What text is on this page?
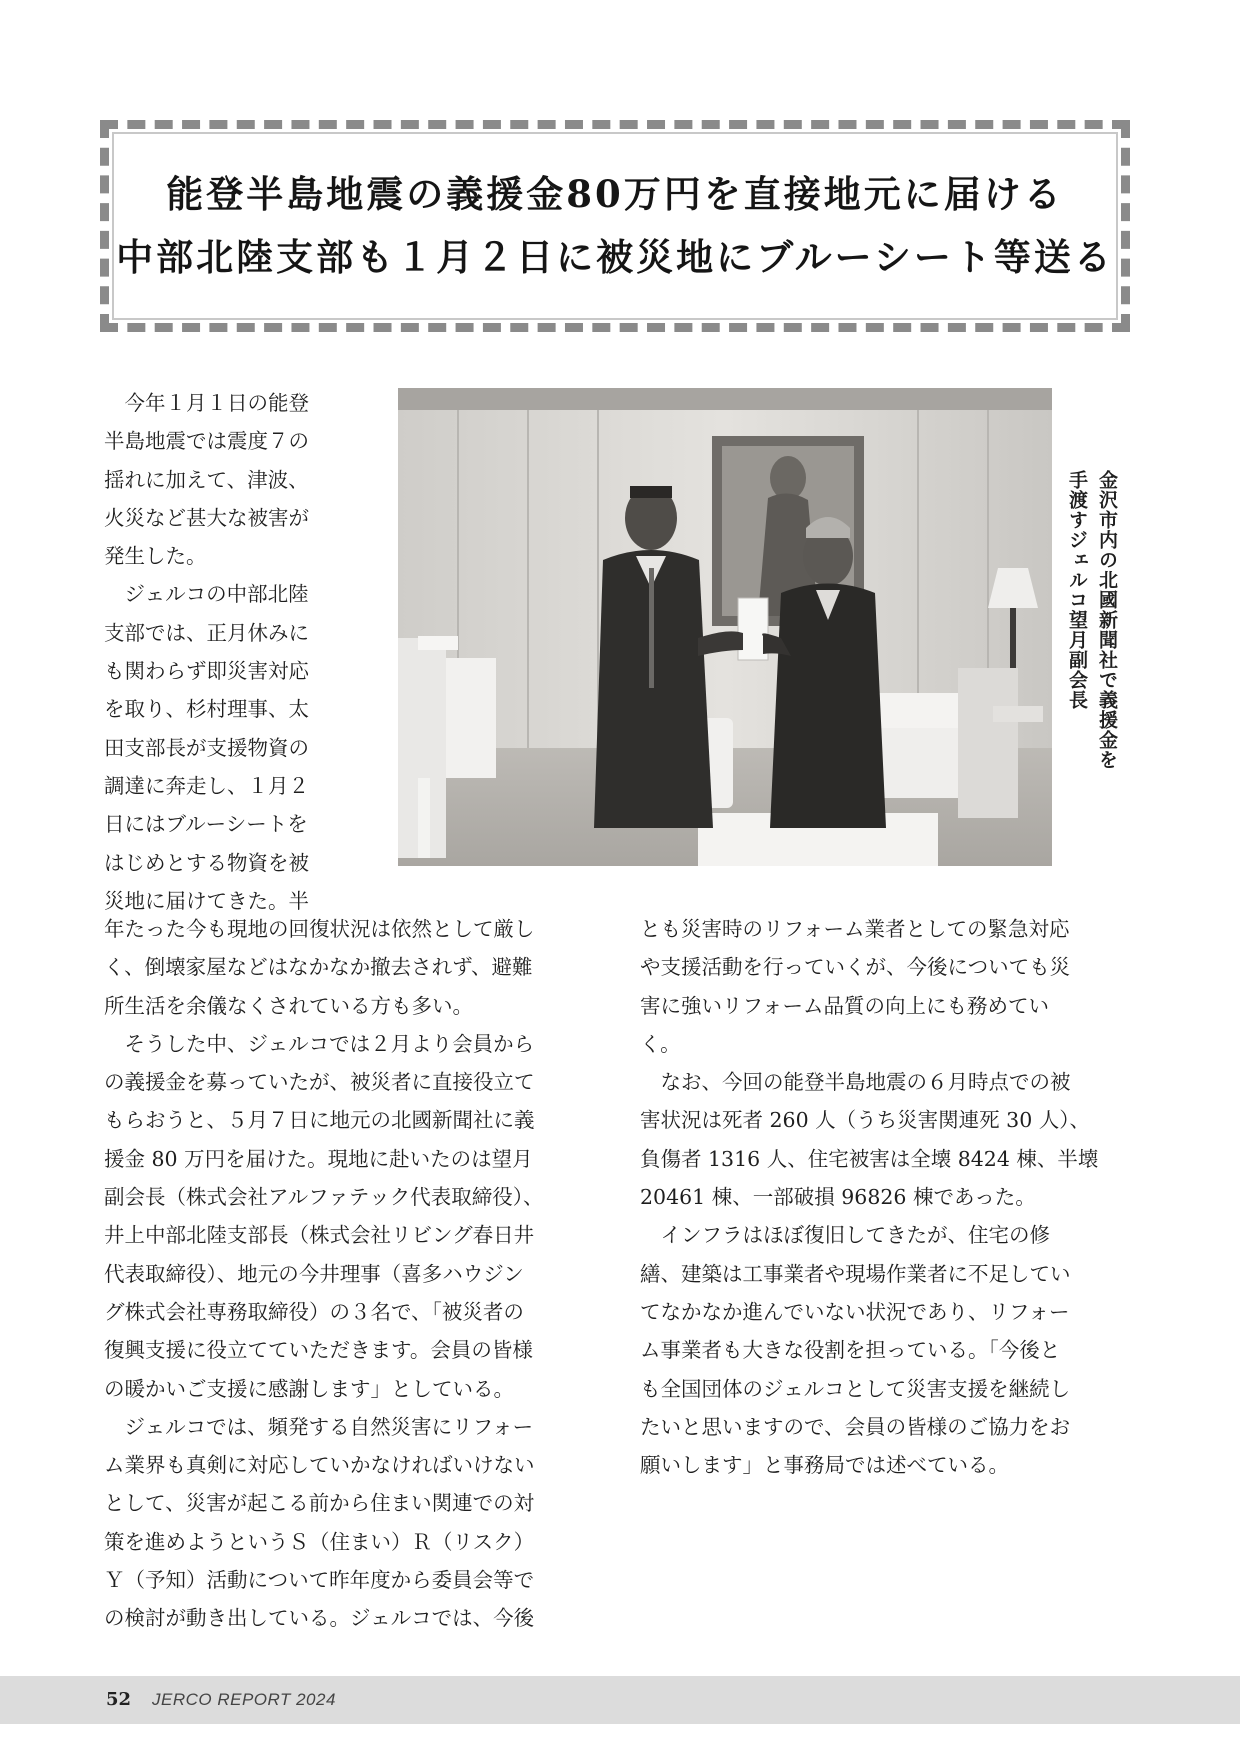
能登半島地震の義援金80万円を直接地元に届ける
中部北陸支部も１月２日に被災地にブルーシート等送る
　今年１月１日の能登
半島地震では震度７の
揺れに加えて、津波、
火災など甚大な被害が
発生した。
　ジェルコの中部北陸
支部では、正月休みに
も関わらず即災害対応
を取り、杉村理事、太
田支部長が支援物資の
調達に奔走し、１月２
日にはブルーシートを
はじめとする物資を被
災地に届けてきた。半
金沢市内の北國新聞社で義援金を
手渡すジェルコ望月副会長
年たった今も現地の回復状況は依然として厳し
く、倒壊家屋などはなかなか撤去されず、避難
所生活を余儀なくされている方も多い。
　そうした中、ジェルコでは２月より会員から
の義援金を募っていたが、被災者に直接役立て
もらおうと、５月７日に地元の北國新聞社に義
援金 80 万円を届けた。現地に赴いたのは望月
副会長（株式会社アルファテック代表取締役）、
井上中部北陸支部長（株式会社リビング春日井
代表取締役）、地元の今井理事（喜多ハウジン
グ株式会社専務取締役）の３名で、「被災者の
復興支援に役立てていただきます。会員の皆様
の暖かいご支援に感謝します」としている。
　ジェルコでは、頻発する自然災害にリフォー
ム業界も真剣に対応していかなければいけない
として、災害が起こる前から住まい関連での対
策を進めようというＳ（住まい）Ｒ（リスク）
Ｙ（予知）活動について昨年度から委員会等で
の検討が動き出している。ジェルコでは、今後
とも災害時のリフォーム業者としての緊急対応
や支援活動を行っていくが、今後についても災
害に強いリフォーム品質の向上にも務めてい
く。
　なお、今回の能登半島地震の６月時点での被
害状況は死者 260 人（うち災害関連死 30 人）、
負傷者 1316 人、住宅被害は全壊 8424 棟、半壊
20461 棟、一部破損 96826 棟であった。
　インフラはほぼ復旧してきたが、住宅の修
繕、建築は工事業者や現場作業者に不足してい
てなかなか進んでいない状況であり、リフォー
ム事業者も大きな役割を担っている。「今後と
も全国団体のジェルコとして災害支援を継続し
たいと思いますので、会員の皆様のご協力をお
願いします」と事務局では述べている。
52 JERCO REPORT 2024
